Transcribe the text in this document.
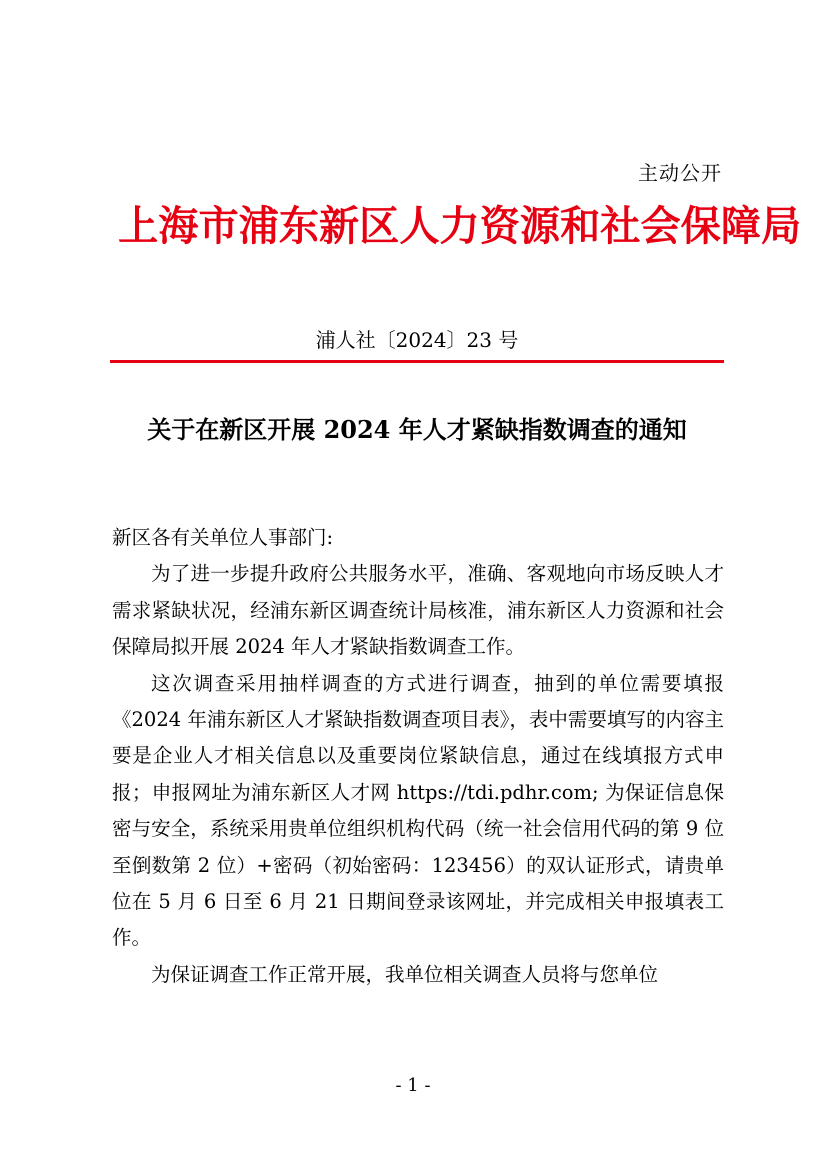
主动公开
上海市浦东新区人力资源和社会保障局
浦人社〔2024〕23 号
关于在新区开展 2024 年人才紧缺指数调查的通知

新区各有关单位人事部门:

为了进一步提升政府公共服务水平，准确、客观地向市场反映人才需求紧缺状况，经浦东新区调查统计局核准，浦东新区人力资源和社会保障局拟开展 2024 年人才紧缺指数调查工作。

这次调查采用抽样调查的方式进行调查，抽到的单位需要填报《2024 年浦东新区人才紧缺指数调查项目表》，表中需要填写的内容主要是企业人才相关信息以及重要岗位紧缺信息，通过在线填报方式申报；申报网址为浦东新区人才网 https://tdi.pdhr.com; 为保证信息保密与安全，系统采用贵单位组织机构代码（统一社会信用代码的第 9 位至倒数第 2 位）+密码（初始密码：123456）的双认证形式，请贵单位在 5 月 6 日至 6 月 21 日期间登录该网址，并完成相关申报填表工作。

为保证调查工作正常开展，我单位相关调查人员将与您单位

- 1 -
